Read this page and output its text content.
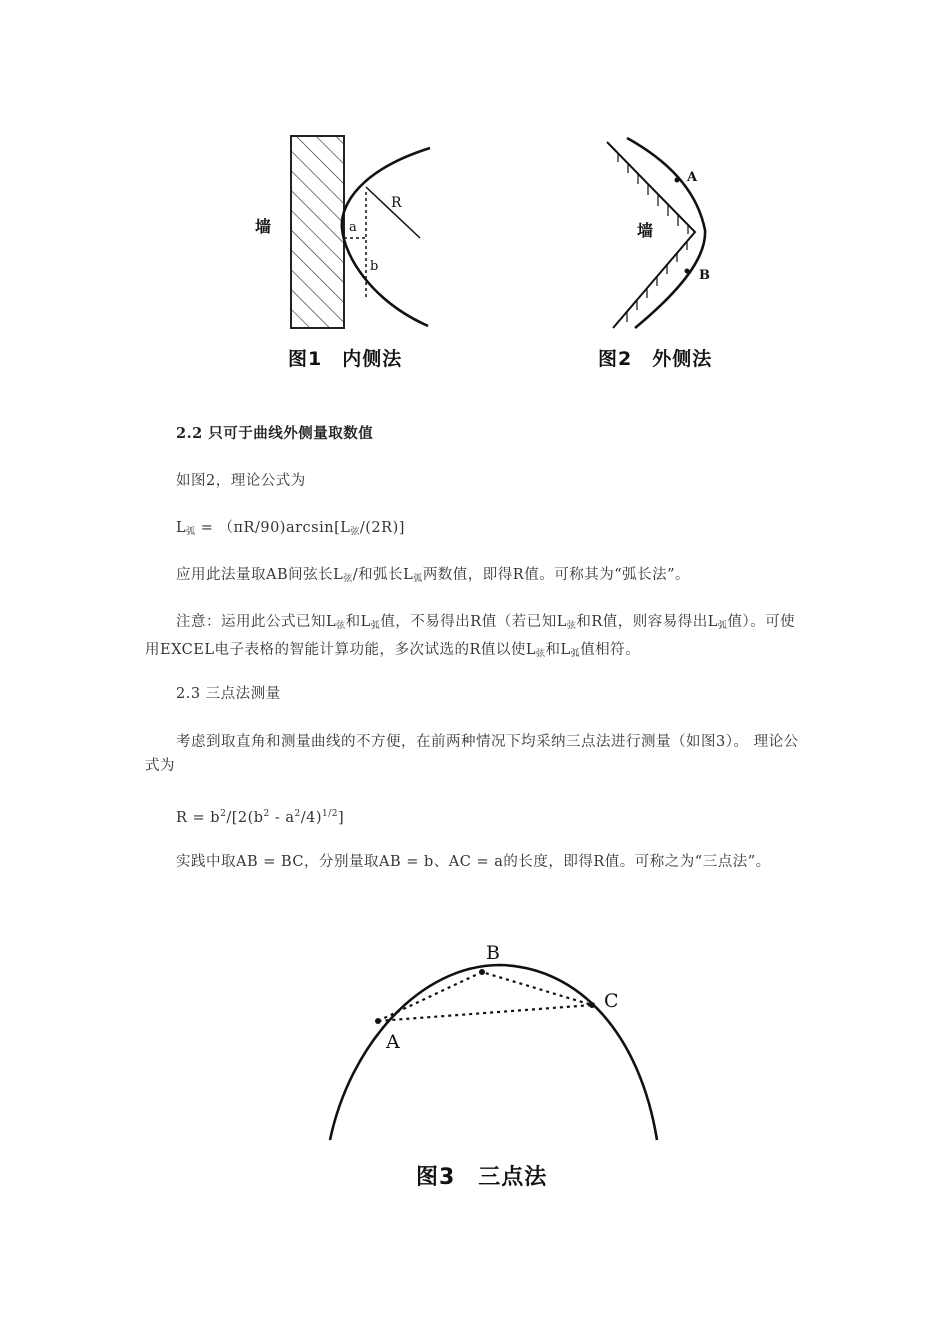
墙
R
a
b
图1　内侧法
墙
A
B
图2　外侧法
2.2 只可于曲线外侧量取数值
如图2，理论公式为
$L_弧 = (\pi R/90)\arcsin[L_弦/(2R)]$
应用此法量取AB间弦长$L_弦/$和弧长$L_弧$两数值，即得R值。可称其为“弧长法”。
注意：运用此公式已知$L_弦$和$L_弧$值，不易得出R值（若已知$L_弦$和R值，则容易得出$L_弧$值）。可使用EXCEL电子表格的智能计算功能，多次试选的R值以使$L_弦$和$L_弧$值相符。
2.3 三点法测量
考虑到取直角和测量曲线的不方便，在前两种情况下均采纳三点法进行测量（如图3）。 理论公式为
$R = b^2/[2(b^2 - a^2/4)^{1/2}]$
实践中取AB = BC，分别量取AB = b、AC = a的长度，即得R值。可称之为“三点法”。
A
B
C
图3　三点法
